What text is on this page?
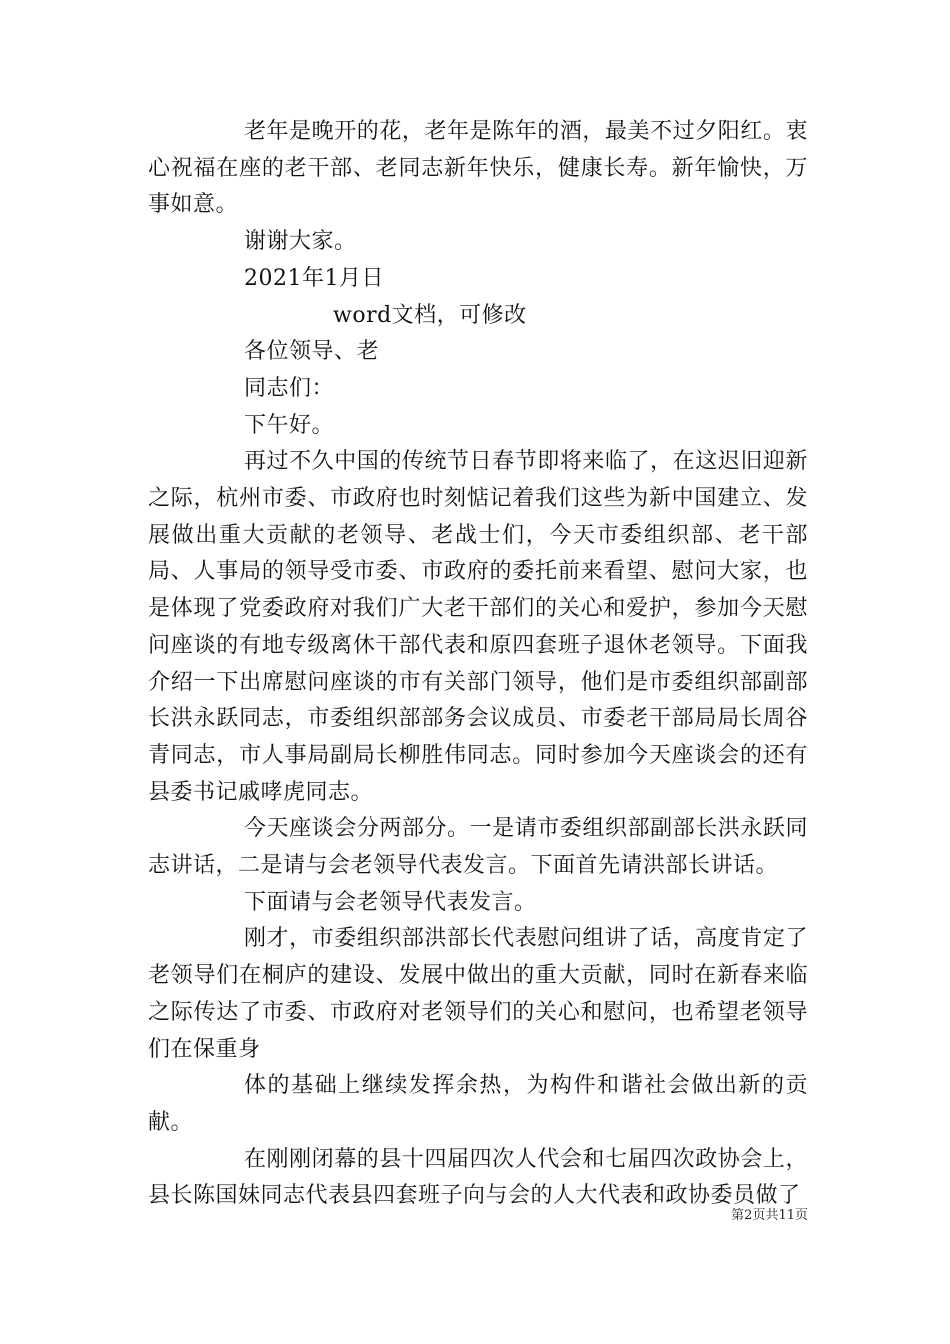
老年是晚开的花，老年是陈年的酒，最美不过夕阳红。衷心祝福在座的老干部、老同志新年快乐，健康长寿。新年愉快，万事如意。

谢谢大家。

2021年1月日

word文档，可修改

各位领导、老

同志们：

下午好。

再过不久中国的传统节日春节即将来临了，在这迟旧迎新之际，杭州市委、市政府也时刻惦记着我们这些为新中国建立、发展做出重大贡献的老领导、老战士们，今天市委组织部、老干部局、人事局的领导受市委、市政府的委托前来看望、慰问大家，也是体现了党委政府对我们广大老干部们的关心和爱护，参加今天慰问座谈的有地专级离休干部代表和原四套班子退休老领导。下面我介绍一下出席慰问座谈的市有关部门领导，他们是市委组织部副部长洪永跃同志，市委组织部部务会议成员、市委老干部局局长周谷青同志，市人事局副局长柳胜伟同志。同时参加今天座谈会的还有县委书记戚哮虎同志。

今天座谈会分两部分。一是请市委组织部副部长洪永跃同志讲话，二是请与会老领导代表发言。下面首先请洪部长讲话。

下面请与会老领导代表发言。

刚才，市委组织部洪部长代表慰问组讲了话，高度肯定了老领导们在桐庐的建设、发展中做出的重大贡献，同时在新春来临之际传达了市委、市政府对老领导们的关心和慰问，也希望老领导们在保重身

体的基础上继续发挥余热，为构件和谐社会做出新的贡献。

在刚刚闭幕的县十四届四次人代会和七届四次政协会上，县长陈国妹同志代表县四套班子向与会的人大代表和政协委员做了

第2页共11页
